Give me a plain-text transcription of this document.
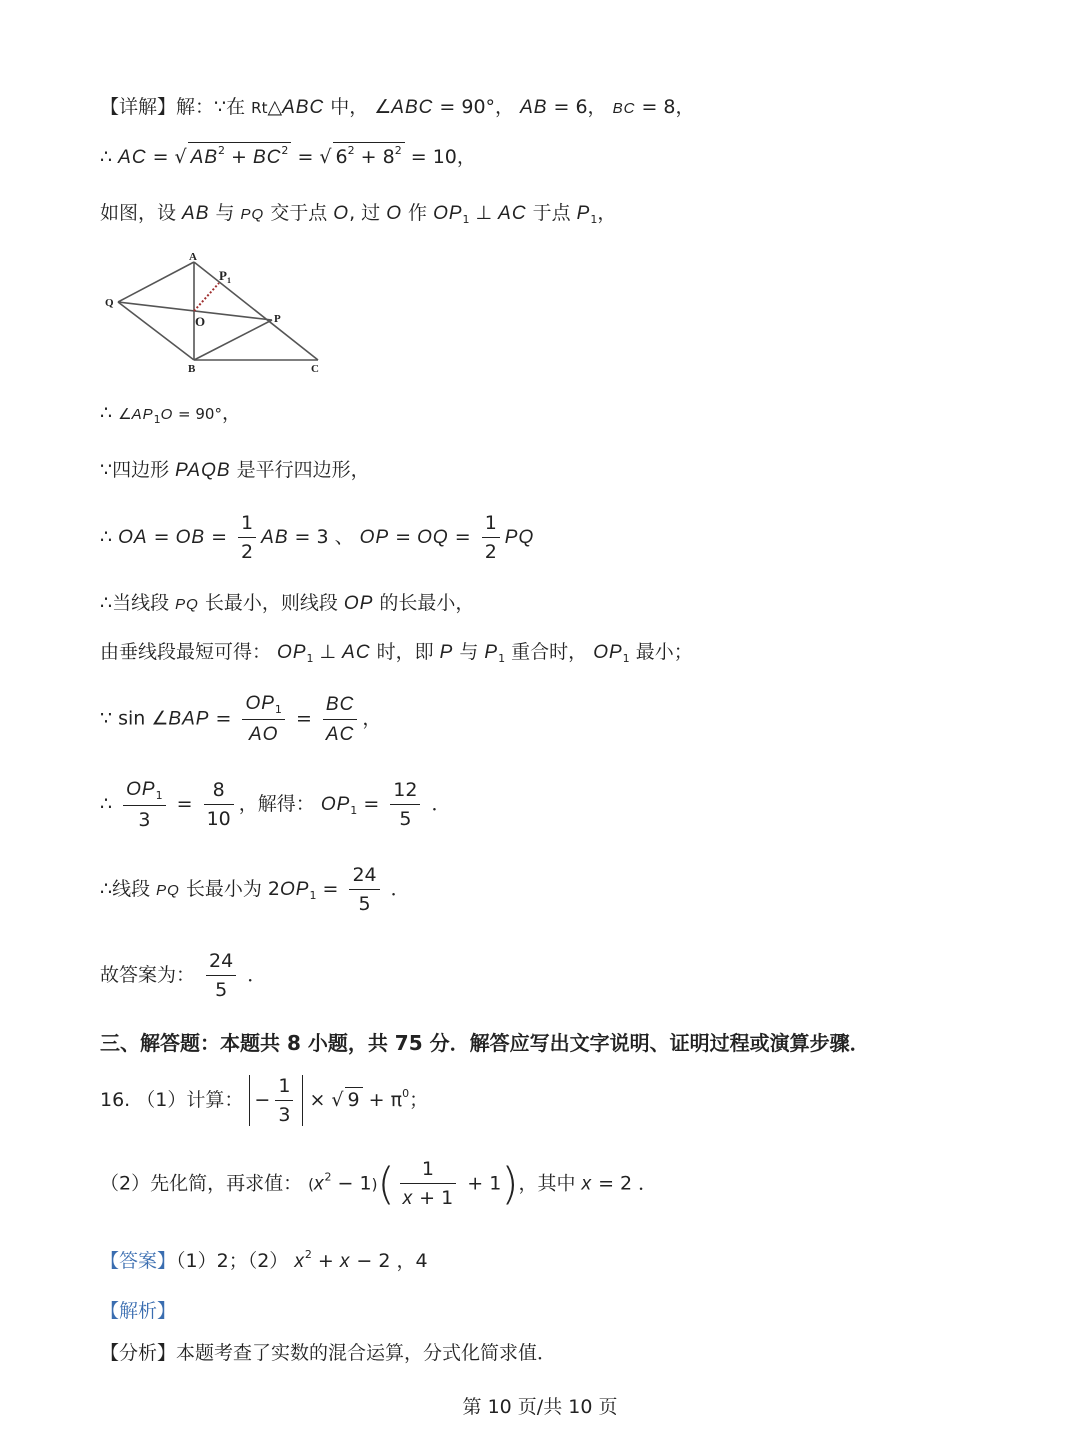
【详解】解：∵在 Rt△ABC 中， ∠ABC = 90°， AB = 6， BC = 8，
∴ AC = √ $AB^2 + BC^2$ = √ $6^2 + 8^2 = 10$，
如图，设 AB 与 PQ 交于点 O, 过 O 作 $OP_1$ ⊥ AC 于点 $P_1$，
A
$P_1$
Q
O	P
B	C
∴ $\angle AP_1O = 90^\circ$，
∵四边形 PAQB 是平行四边形，
∴ OA = OB = $\frac{1}{2}$ AB = 3 、 OP = OQ = $\frac{1}{2}$ PQ
∴当线段 PQ 长最小，则线段 OP 的长最小，
由垂线段最短可得： $OP_1$ ⊥ AC 时，即 P 与 $P_1$ 重合时， $OP_1$ 最小；
∵ sin ∠BAP = $\frac{OP_1}{AO} = \frac{BC}{AC}$ ，
∴ $\frac{OP_1}{3} = \frac{8}{10}$ ，解得： $OP_1 = \frac{12}{5}$ ．
∴线段 PQ 长最小为 $2OP_1 = \frac{24}{5}$ ．
故答案为： $\frac{24}{5}$ ．
三、解答题：本题共 8 小题，共 75 分．解答应写出文字说明、证明过程或演算步骤．
16. （1）计算： − $\frac{1}{3}$ × √ $9 + \pi^0$；
（2）先化简，再求值： $(x^2 - 1)( \frac{1}{x + 1} + 1)$，其中 x = 2 ．
【答案】（1）2；（2） $x^2 + x - 2$ ，4
【解析】
【分析】本题考查了实数的混合运算，分式化简求值．
第 10 页/共 10 页
